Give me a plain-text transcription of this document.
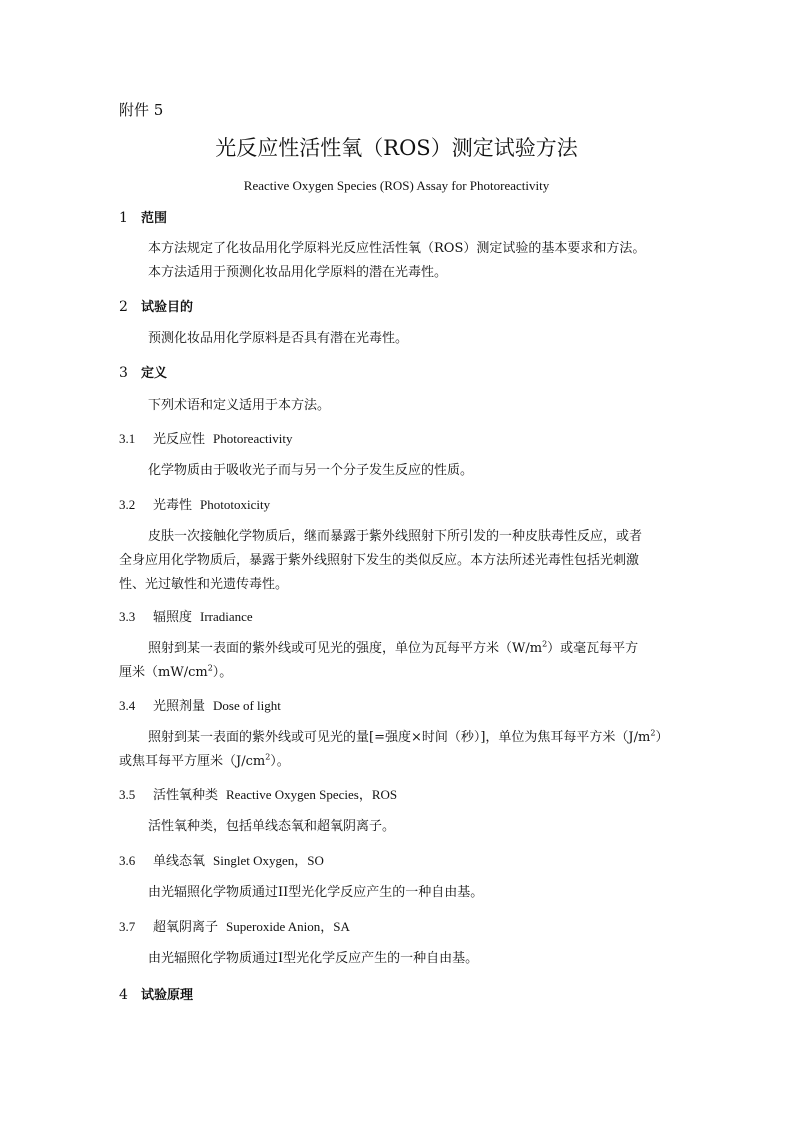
附件 5
光反应性活性氧（ROS）测定试验方法
Reactive Oxygen Species (ROS) Assay for Photoreactivity
1 范围
本方法规定了化妆品用化学原料光反应性活性氧（ROS）测定试验的基本要求和方法。
本方法适用于预测化妆品用化学原料的潜在光毒性。
2 试验目的
预测化妆品用化学原料是否具有潜在光毒性。
3 定义
下列术语和定义适用于本方法。
3.1 光反应性 Photoreactivity
化学物质由于吸收光子而与另一个分子发生反应的性质。
3.2 光毒性 Phototoxicity
皮肤一次接触化学物质后，继而暴露于紫外线照射下所引发的一种皮肤毒性反应，或者
全身应用化学物质后，暴露于紫外线照射下发生的类似反应。本方法所述光毒性包括光刺激
性、光过敏性和光遗传毒性。
3.3 辐照度 Irradiance
照射到某一表面的紫外线或可见光的强度，单位为瓦每平方米$(W/m^2)$或毫瓦每平方
厘米$(mW/cm^2)$。
3.4 光照剂量 Dose of light
照射到某一表面的紫外线或可见光的量[=强度×时间（秒）]，单位为焦耳每平方米$(J/m^2)$
或焦耳每平方厘米$(J/cm^2)$。
3.5 活性氧种类 Reactive Oxygen Species，ROS
活性氧种类，包括单线态氧和超氧阴离子。
3.6 单线态氧 Singlet Oxygen，SO
由光辐照化学物质通过II型光化学反应产生的一种自由基。
3.7 超氧阴离子 Superoxide Anion，SA
由光辐照化学物质通过I型光化学反应产生的一种自由基。
4 试验原理
